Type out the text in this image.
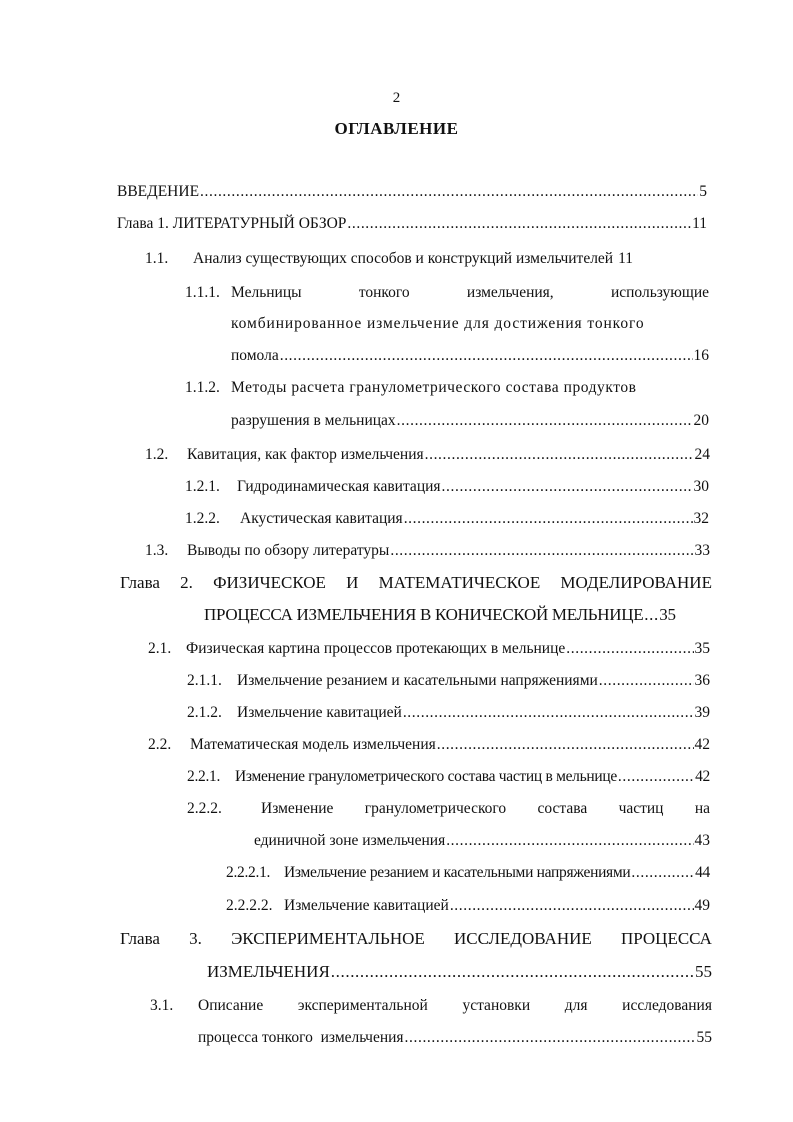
2
ОГЛАВЛЕНИЕ
ВВЕДЕНИЕ .....	5
Глава 1. ЛИТЕРАТУРНЫЙ ОБЗОР .....	11
1.1.	Анализ существующих способов и конструкций измельчителей 11
1.1.1. Мельницы	тонкого	измельчения,	использующие
комбинированное измельчение для достижения тонкого
помола .....	16
1.1.2. Методы расчета гранулометрического состава продуктов
разрушения в мельницах .....	20
1.2.	Кавитация, как фактор измельчения .....	24
1.2.1.	Гидродинамическая кавитация .....	30
1.2.2.	Акустическая кавитация .....	32
1.3.	Выводы по обзору литературы .....	33
Глава 2. ФИЗИЧЕСКОЕ И МАТЕМАТИЧЕСКОЕ МОДЕЛИРОВАНИЕ
ПРОЦЕССА ИЗМЕЛЬЧЕНИЯ В КОНИЧЕСКОЙ МЕЛЬНИЦЕ ..... 35
2.1. Физическая картина процессов протекающих в мельнице .....	35
2.1.1. Измельчение резанием и касательными напряжениями .....	36
2.1.2. Измельчение кавитацией .....	39
2.2.	Математическая модель измельчения .....	42
2.2.1. Изменение гранулометрического состава частиц в мельнице .....	42
2.2.2.	Изменение гранулометрического состава частиц на
единичной зоне измельчения .....	43
2.2.2.1. Измельчение резанием и касательными напряжениями .....	44
2.2.2.2. Измельчение кавитацией .....	49
Глава 3. ЭКСПЕРИМЕНТАЛЬНОЕ ИССЛЕДОВАНИЕ ПРОЦЕССА
ИЗМЕЛЬЧЕНИЯ .....	55
3.1.	Описание экспериментальной установки для исследования
процесса тонкого  измельчения .....	55
